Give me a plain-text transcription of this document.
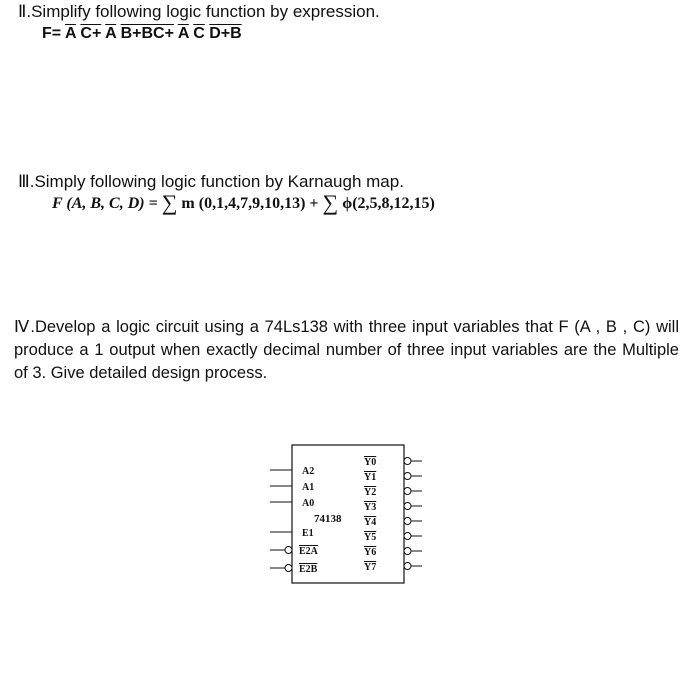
Ⅱ.Simplify following logic function by expression.
$F= \overline{A}$ $C+ \overline{A}$ $B+BC+ \overline{A}$ $\overline{C}$ D+B
Ⅲ.Simply following logic function by Karnaugh map.
F (A, B, C, D) = ∑ m (0,1,4,7,9,10,13) + ∑ ϕ(2,5,8,12,15)
Ⅳ.Develop a logic circuit using a 74Ls138 with three input variables that F (A , B , C) will produce a 1 output when exactly decimal number of three input variables are the Multiple of 3. Give detailed design process.
A2
A1
A0
E1
E2A
E2B
74138
Y0
Y1
Y2
Y3
Y4
Y5
Y6
Y7
